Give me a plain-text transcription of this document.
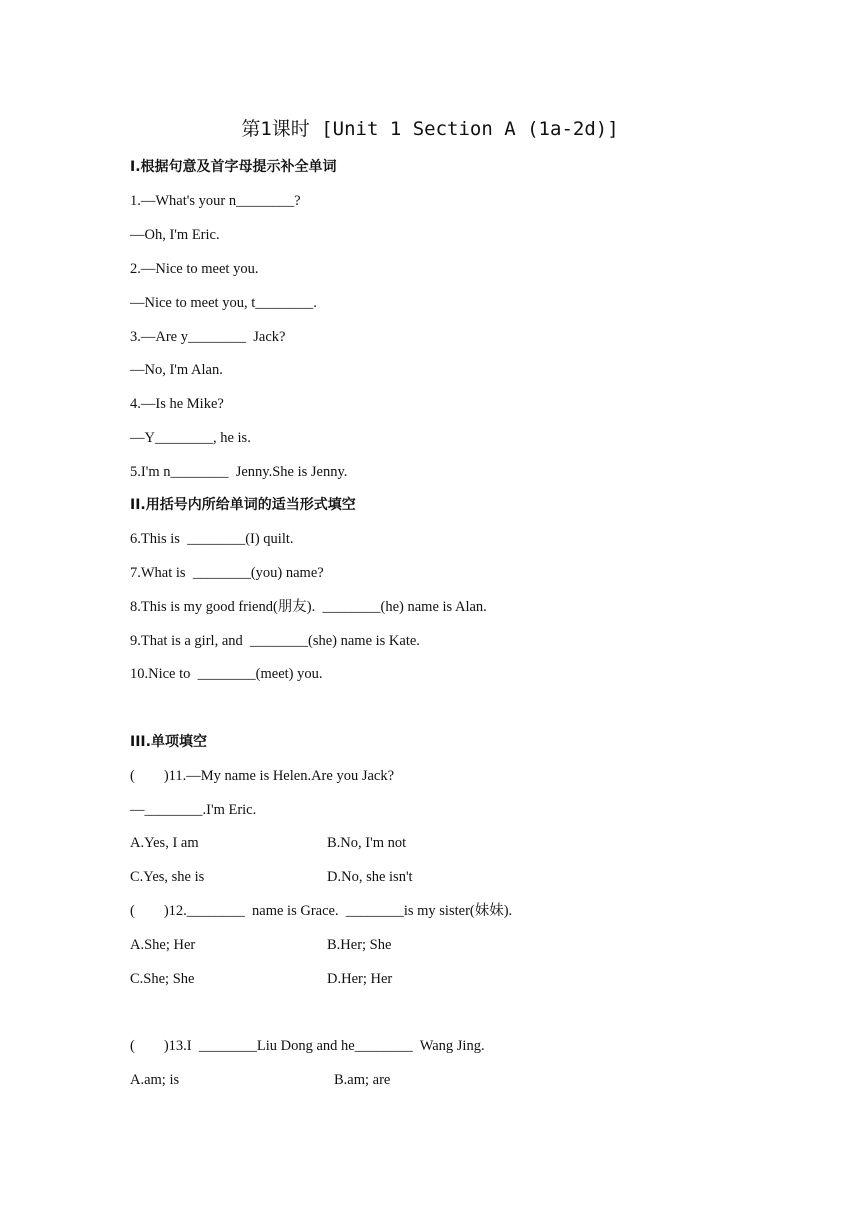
第1课时 [Unit 1 Section A (1a-2d)]
I.根据句意及首字母提示补全单词
1.—What's your n________?
—Oh, I'm Eric.
2.—Nice to meet you.
—Nice to meet you, t________.
3.—Are y________  Jack?
—No, I'm Alan.
4.—Is he Mike?
—Y________, he is.
5.I'm n________  Jenny.She is Jenny.
II.用括号内所给单词的适当形式填空
6.This is  ________(I) quilt.
7.What is  ________(you) name?
8.This is my good friend(朋友).  ________(he) name is Alan.
9.That is a girl, and  ________(she) name is Kate.
10.Nice to  ________(meet) you.
III.单项填空
(        )11.—My name is Helen.Are you Jack?
—________.I'm Eric.
A.Yes, I am	B.No, I'm not
C.Yes, she is	D.No, she isn't
(        )12.________  name is Grace.  ________is my sister(妹妹).
A.She; Her	B.Her; She
C.She; She	D.Her; Her
(        )13.I  ________Liu Dong and he________  Wang Jing.
A.am; is	B.am; are
